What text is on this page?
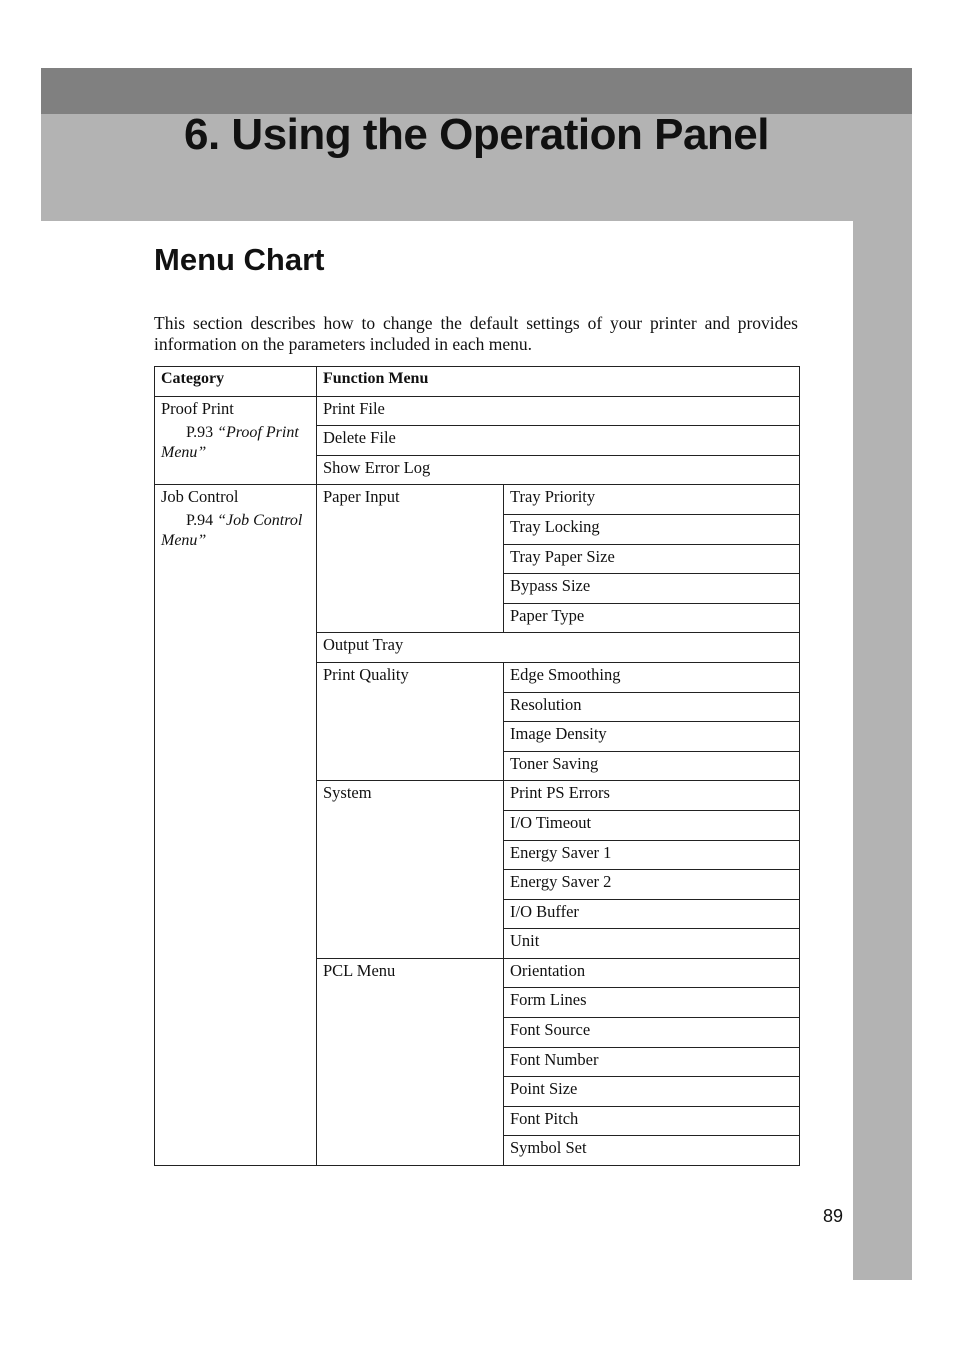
6. Using the Operation Panel
Menu Chart

This section describes how to change the default settings of your printer and provides information on the parameters included in each menu.

Category	Function Menu	

Proof Print
P.93 “Proof Print Menu”	Print File	
	Delete File	
	Show Error Log	

Job Control
P.94 “Job Control Menu”	Paper Input	Tray Priority
		Tray Locking
		Tray Paper Size
		Bypass Size
		Paper Type
	Output Tray	
	Print Quality	Edge Smoothing
		Resolution
		Image Density
		Toner Saving
	System	Print PS Errors
		I/O Timeout
		Energy Saver 1
		Energy Saver 2
		I/O Buffer
		Unit
	PCL Menu	Orientation
		Form Lines
		Font Source
		Font Number
		Point Size
		Font Pitch
		Symbol Set
89
